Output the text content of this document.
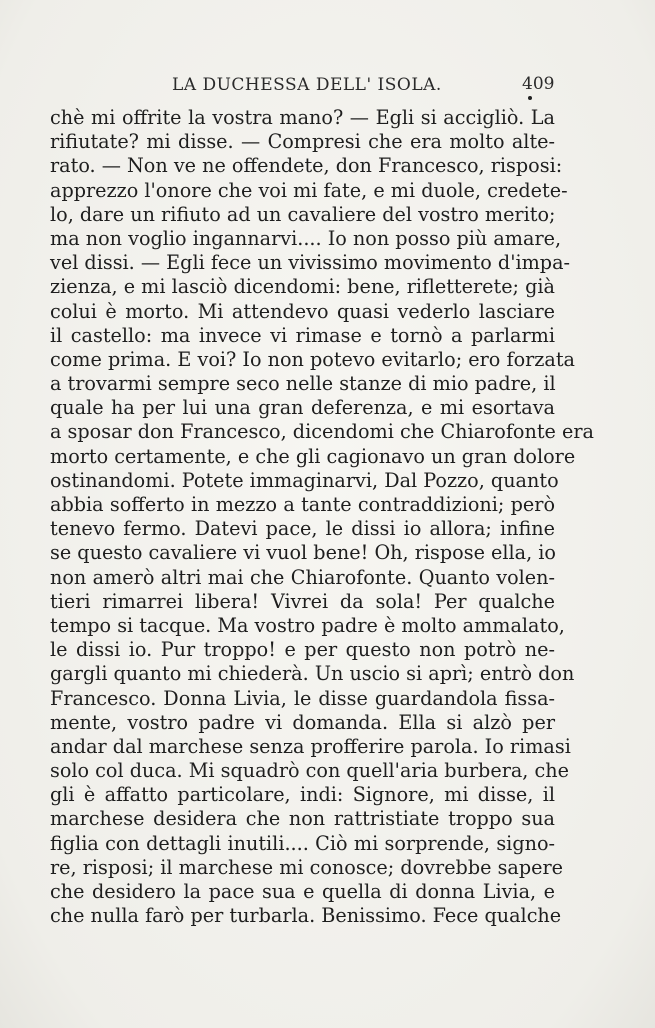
LA DUCHESSA DELL' ISOLA.	409
chè mi offrite la vostra mano? — Egli si accigliò. La
rifiutate? mi disse. — Compresi che era molto alte-
rato. — Non ve ne offendete, don Francesco, risposi:
apprezzo l'onore che voi mi fate, e mi duole, credete-
lo, dare un rifiuto ad un cavaliere del vostro merito;
ma non voglio ingannarvi.... Io non posso più amare,
vel dissi. — Egli fece un vivissimo movimento d'impa-
zienza, e mi lasciò dicendomi: bene, rifletterete; già
colui è morto. Mi attendevo quasi vederlo lasciare
il castello: ma invece vi rimase e tornò a parlarmi
come prima. E voi? Io non potevo evitarlo; ero forzata
a trovarmi sempre seco nelle stanze di mio padre, il
quale ha per lui una gran deferenza, e mi esortava
a sposar don Francesco, dicendomi che Chiarofonte era
morto certamente, e che gli cagionavo un gran dolore
ostinandomi. Potete immaginarvi, Dal Pozzo, quanto
abbia sofferto in mezzo a tante contraddizioni; però
tenevo fermo. Datevi pace, le dissi io allora; infine
se questo cavaliere vi vuol bene! Oh, rispose ella, io
non amerò altri mai che Chiarofonte. Quanto volen-
tieri rimarrei libera! Vivrei da sola! Per qualche
tempo si tacque. Ma vostro padre è molto ammalato,
le dissi io. Pur troppo! e per questo non potrò ne-
gargli quanto mi chiederà. Un uscio si aprì; entrò don
Francesco. Donna Livia, le disse guardandola fissa-
mente, vostro padre vi domanda. Ella si alzò per
andar dal marchese senza profferire parola. Io rimasi
solo col duca. Mi squadrò con quell'aria burbera, che
gli è affatto particolare, indi: Signore, mi disse, il
marchese desidera che non rattristiate troppo sua
figlia con dettagli inutili.... Ciò mi sorprende, signo-
re, risposi; il marchese mi conosce; dovrebbe sapere
che desidero la pace sua e quella di donna Livia, e
che nulla farò per turbarla. Benissimo. Fece qualche
